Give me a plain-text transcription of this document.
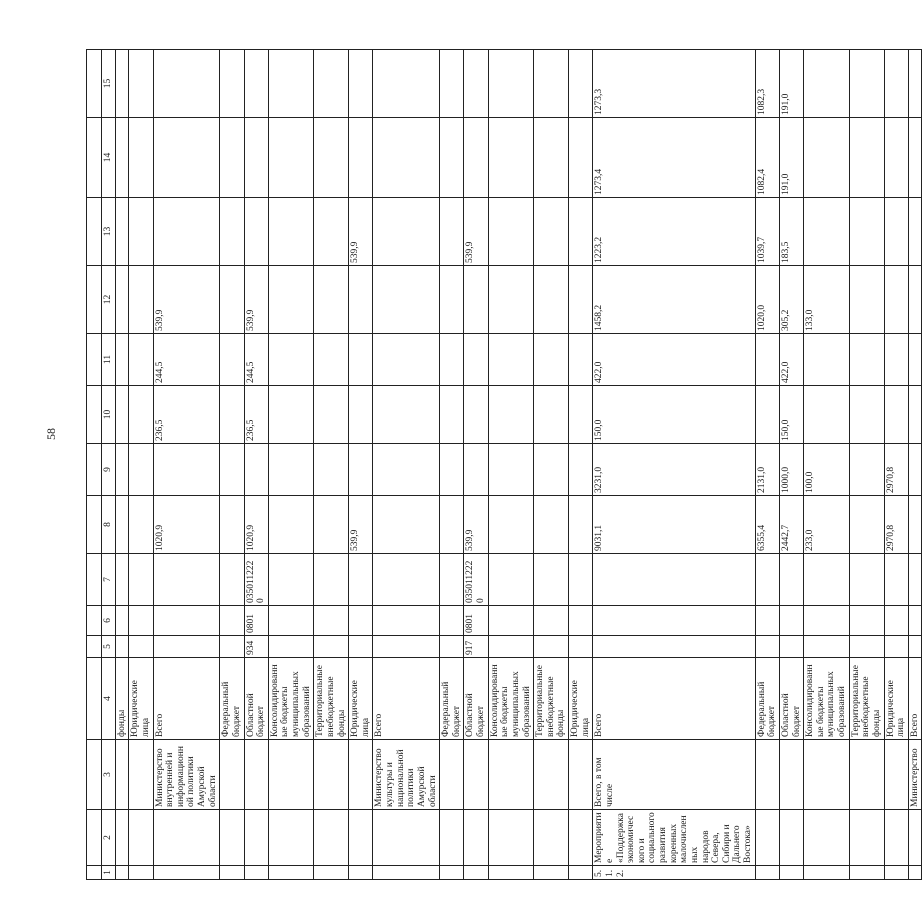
58

1	2	3	4	5	6	7	8	9	10	11	12	13	14	15
			фонды											
			Юридические лица											
		Министерство внутренней и информационной политики Амурской области	Всего				1020,9		236,5	244,5	539,9			
			Федеральный бюджет											
			Областной бюджет	934	0801	0350112220	1020,9		236,5	244,5	539,9			
			Консолидированные бюджеты муниципальных образований											
			Территориальные внебюджетные фонды											
			Юридические лица				539,9					539,9		
		Министерство культуры и национальной политики Амурской области	Всего											
			Федеральный бюджет											
			Областной бюджет	917	0801	0350112220	539,9					539,9		
			Консолидированные бюджеты муниципальных образований											
			Территориальные внебюджетные фонды											
			Юридические лица											
5.1.2.	Мероприятие «Поддержка экономического и социального развития коренных малочисленных народов Севера, Сибири и Дальнего Востока»	Всего, в том числе	Всего				9031,1	3231,0	150,0	422,0	1458,2	1223,2	1273,4	1273,3
			Федеральный бюджет				6355,4	2131,0			1020,0	1039,7	1082,4	1082,3
			Областной бюджет				2442,7	1000,0	150,0	422,0	305,2	183,5	191,0	191,0
			Консолидированные бюджеты муниципальных образований				233,0	100,0			133,0			
			Территориальные внебюджетные фонды											
			Юридические лица				2970,8	2970,8						
		Министерство	Всего											
